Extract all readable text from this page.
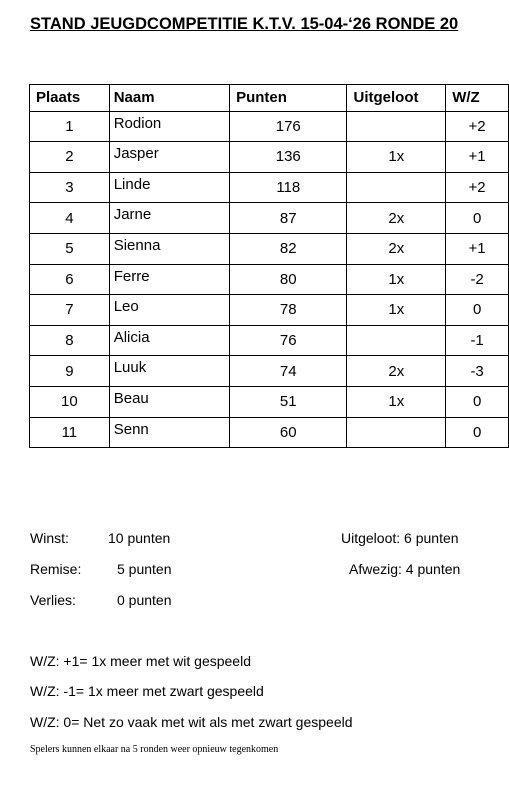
STAND JEUGDCOMPETITIE K.T.V. 15-04-‘26 RONDE 20
Plaats	Naam	Punten	Uitgeloot	W/Z
1	Rodion	176		+2
2	Jasper	136	1x	+1
3	Linde	118		+2
4	Jarne	87	2x	0
5	Sienna	82	2x	+1
6	Ferre	80	1x	-2
7	Leo	78	1x	0
8	Alicia	76		-1
9	Luuk	74	2x	-3
10	Beau	51	1x	0
11	Senn	60		0
Winst:	10 punten
Remise:	5 punten
Verlies:	0 punten
Uitgeloot: 6 punten
Afwezig: 4 punten
W/Z: +1= 1x meer met wit gespeeld
W/Z: -1= 1x meer met zwart gespeeld
W/Z: 0= Net zo vaak met wit als met zwart gespeeld
Spelers kunnen elkaar na 5 ronden weer opnieuw tegenkomen
